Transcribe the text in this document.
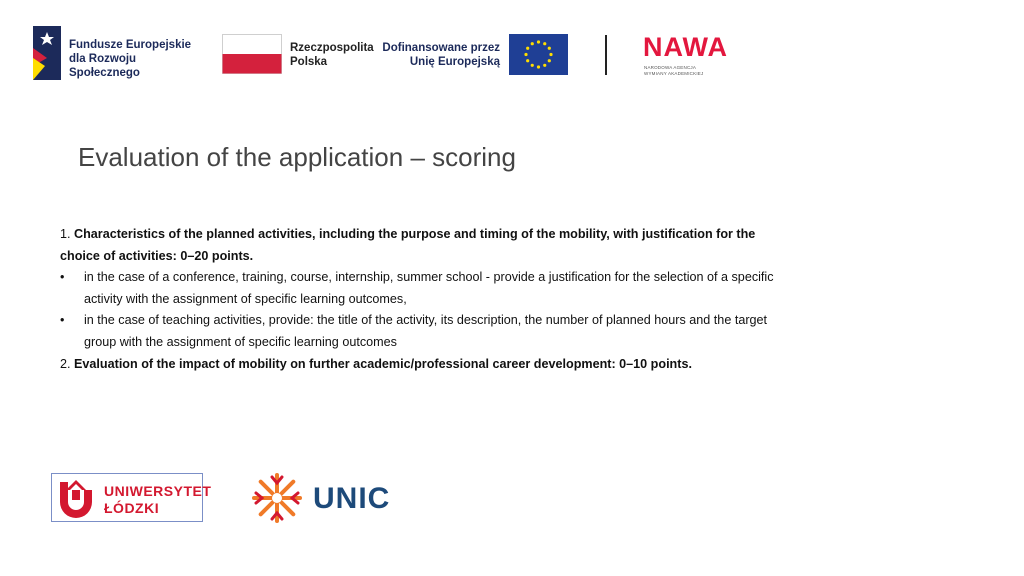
Fundusze Europejskie
dla Rozwoju Społecznego
Rzeczpospolita
Polska
Dofinansowane przez
Unię Europejską	NAWA
NARODOWA AGENCJA
WYMIANY AKADEMICKIEJ
Evaluation of the application – scoring

1. Characteristics of the planned activities, including the purpose and timing of the mobility, with justification for the choice of activities: 0–20 points.

• in the case of a conference, training, course, internship, summer school - provide a justification for the selection of a specific activity with the assignment of specific learning outcomes,
• in the case of teaching activities, provide: the title of the activity, its description, the number of planned hours and the target group with the assignment of specific learning outcomes

2. Evaluation of the impact of mobility on further academic/professional career development: 0–10 points.

UNIWERSYTET
ŁÓDZKI	UNIC
